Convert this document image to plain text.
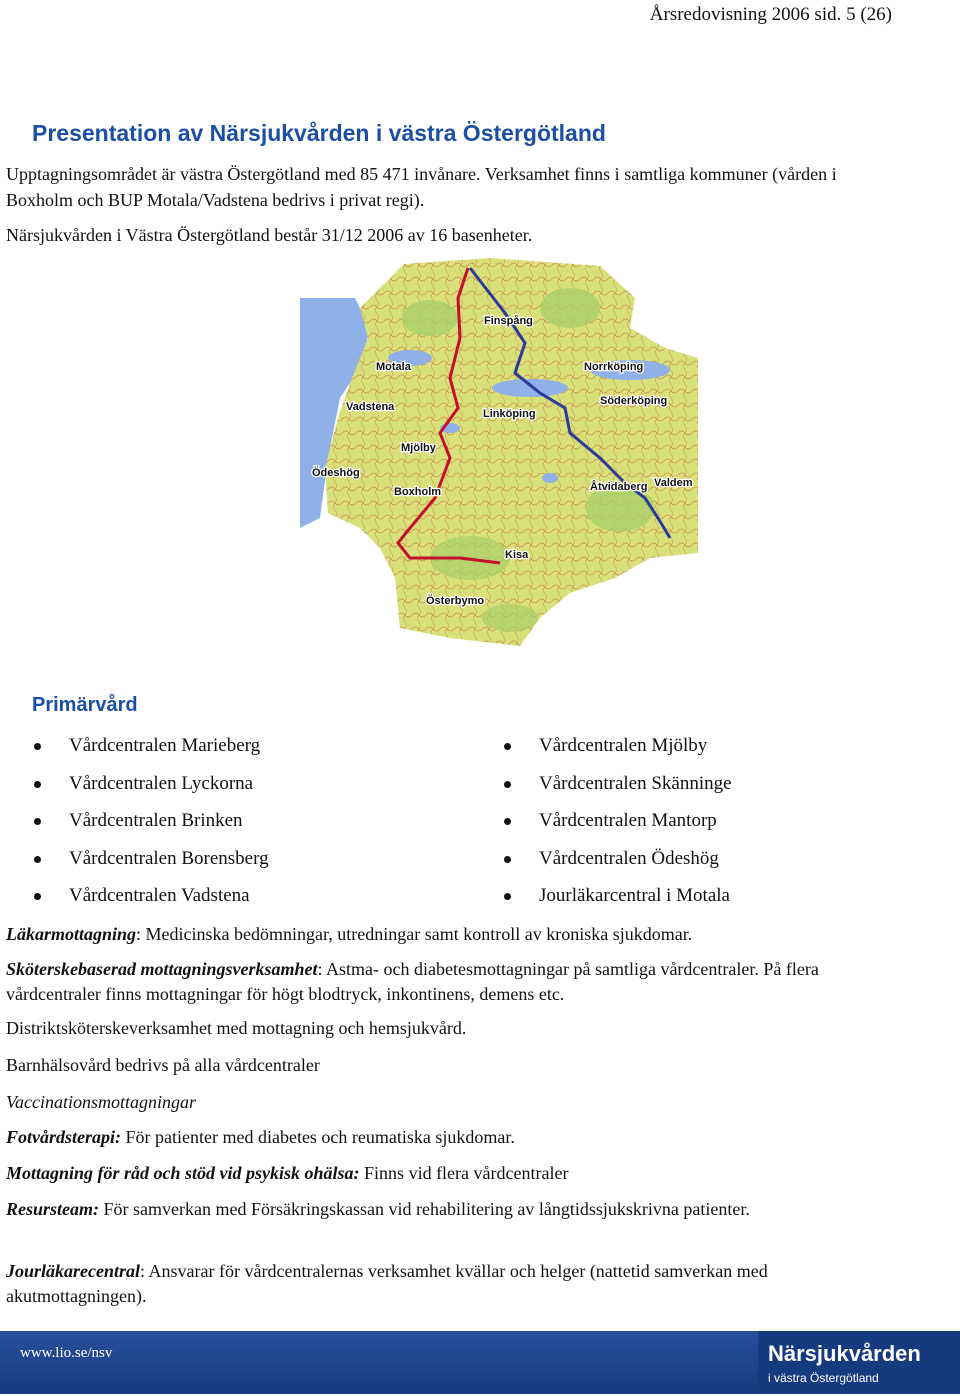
Årsredovisning 2006 sid. 5 (26)
Presentation av Närsjukvården i västra Östergötland

Upptagningsområdet är västra Östergötland med 85 471 invånare. Verksamhet finns i samtliga kommuner (vården i Boxholm och BUP Motala/Vadstena bedrivs i privat regi).

Närsjukvården i Västra Östergötland består 31/12 2006 av 16 basenheter.

Finspång
Motala	Norrköping
Vadstena	Söderköping
Linköping
Mjölby
Ödeshög
Åtvidaberg Valdem
Boxholm
Kisa
Österbymo
Primärvård
Vårdcentralen Marieberg
Vårdcentralen Lyckorna
Vårdcentralen Brinken
Vårdcentralen Borensberg
Vårdcentralen Vadstena
Vårdcentralen Mjölby
Vårdcentralen Skänninge
Vårdcentralen Mantorp
Vårdcentralen Ödeshög
Jourläkarcentral i Motala

Läkarmottagning: Medicinska bedömningar, utredningar samt kontroll av kroniska sjukdomar.

Sköterskebaserad mottagningsverksamhet: Astma- och diabetesmottagningar på samtliga vårdcentraler. På flera vårdcentraler finns mottagningar för högt blodtryck, inkontinens, demens etc.

Distriktsköterskeverksamhet med mottagning och hemsjukvård.

Barnhälsovård bedrivs på alla vårdcentraler

Vaccinationsmottagningar

Fotvårdsterapi: För patienter med diabetes och reumatiska sjukdomar.

Mottagning för råd och stöd vid psykisk ohälsa: Finns vid flera vårdcentraler

Resursteam: För samverkan med Försäkringskassan vid rehabilitering av långtidssjukskrivna patienter.

Jourläkarecentral: Ansvarar för vårdcentralernas verksamhet kvällar och helger (nattetid samverkan med akutmottagningen).

www.lio.se/nsv	Närsjukvården
i västra Östergötland
